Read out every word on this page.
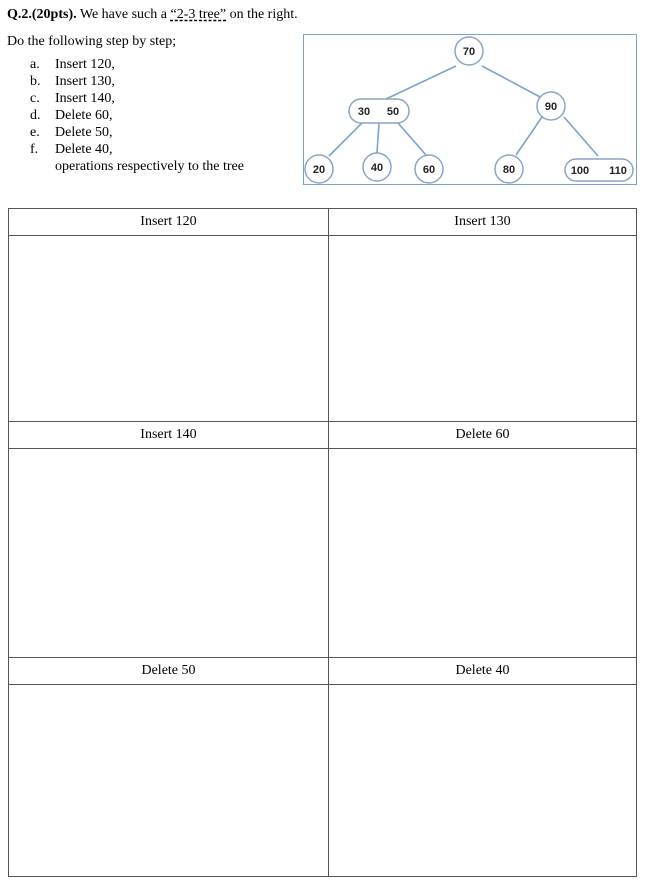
Q.2.(20pts). We have such a “2-3 tree” on the right.
Do the following step by step;
a. Insert 120,
b. Insert 130,
c. Insert 140,
d. Delete 60,
e. Delete 50,
f. Delete 40,
operations respectively to the tree
70
30 50	90
20	40	60	80	100 110
Insert 120	Insert 130

Insert 140	Delete 60

Delete 50	Delete 40
